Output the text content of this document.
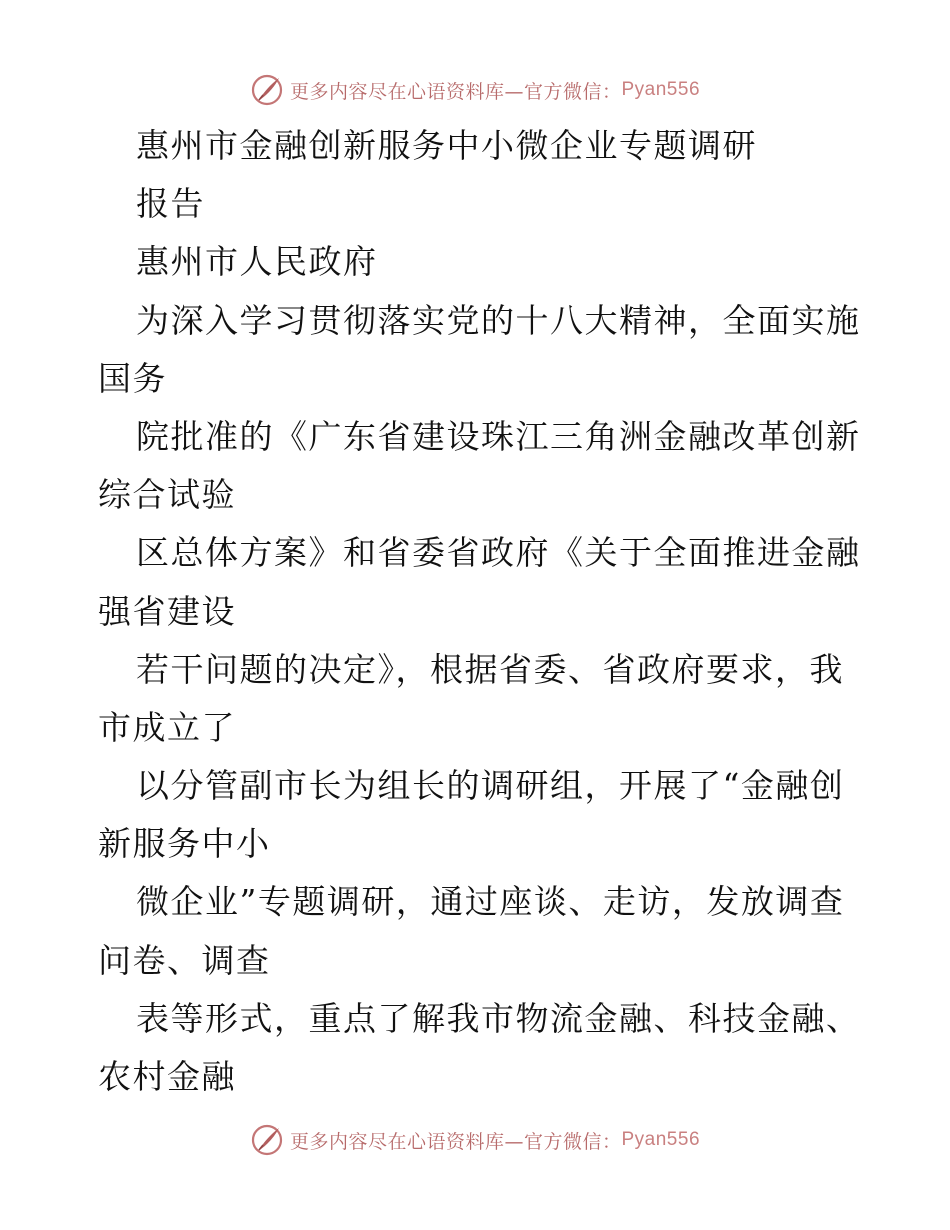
更多内容尽在心语资料库—官方微信： Pyan556
惠州市金融创新服务中小微企业专题调研
报告
惠州市人民政府
为深入学习贯彻落实党的十八大精神，全面实施
国务
院批准的《广东省建设珠江三角洲金融改革创新
综合试验
区总体方案》和省委省政府《关于全面推进金融
强省建设
若干问题的决定》，根据省委、省政府要求，我
市成立了
以分管副市长为组长的调研组，开展了“金融创
新服务中小
微企业”专题调研，通过座谈、走访，发放调查
问卷、调查
表等形式，重点了解我市物流金融、科技金融、
农村金融
更多内容尽在心语资料库—官方微信： Pyan556
